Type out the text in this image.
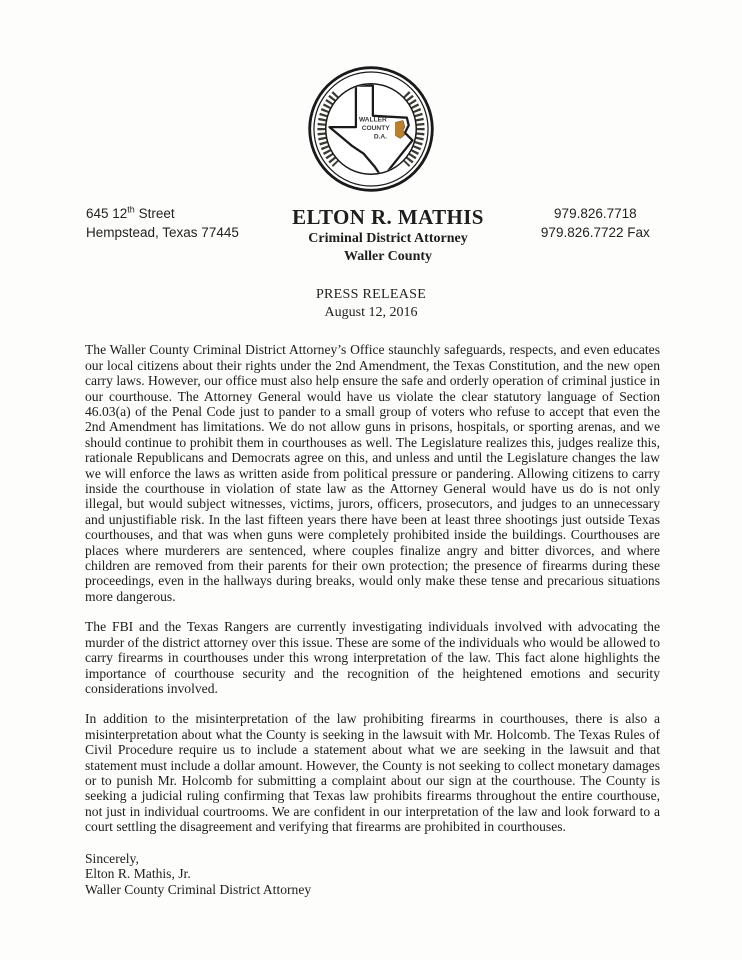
WALLER
COUNTY
D.A.
645 12th Street
Hempstead, Texas 77445
ELTON R. MATHIS
Criminal District Attorney
Waller County
979.826.7718
979.826.7722 Fax
PRESS RELEASE
August 12, 2016

The Waller County Criminal District Attorney’s Office staunchly safeguards, respects, and even educates our local citizens about their rights under the 2nd Amendment, the Texas Constitution, and the new open carry laws. However, our office must also help ensure the safe and orderly operation of criminal justice in our courthouse. The Attorney General would have us violate the clear statutory language of Section 46.03(a) of the Penal Code just to pander to a small group of voters who refuse to accept that even the 2nd Amendment has limitations. We do not allow guns in prisons, hospitals, or sporting arenas, and we should continue to prohibit them in courthouses as well. The Legislature realizes this, judges realize this, rationale Republicans and Democrats agree on this, and unless and until the Legislature changes the law we will enforce the laws as written aside from political pressure or pandering. Allowing citizens to carry inside the courthouse in violation of state law as the Attorney General would have us do is not only illegal, but would subject witnesses, victims, jurors, officers, prosecutors, and judges to an unnecessary and unjustifiable risk. In the last fifteen years there have been at least three shootings just outside Texas courthouses, and that was when guns were completely prohibited inside the buildings. Courthouses are places where murderers are sentenced, where couples finalize angry and bitter divorces, and where children are removed from their parents for their own protection; the presence of firearms during these proceedings, even in the hallways during breaks, would only make these tense and precarious situations more dangerous.

The FBI and the Texas Rangers are currently investigating individuals involved with advocating the murder of the district attorney over this issue. These are some of the individuals who would be allowed to carry firearms in courthouses under this wrong interpretation of the law. This fact alone highlights the importance of courthouse security and the recognition of the heightened emotions and security considerations involved.

In addition to the misinterpretation of the law prohibiting firearms in courthouses, there is also a misinterpretation about what the County is seeking in the lawsuit with Mr. Holcomb. The Texas Rules of Civil Procedure require us to include a statement about what we are seeking in the lawsuit and that statement must include a dollar amount. However, the County is not seeking to collect monetary damages or to punish Mr. Holcomb for submitting a complaint about our sign at the courthouse. The County is seeking a judicial ruling confirming that Texas law prohibits firearms throughout the entire courthouse, not just in individual courtrooms. We are confident in our interpretation of the law and look forward to a court settling the disagreement and verifying that firearms are prohibited in courthouses.

Sincerely,
Elton R. Mathis, Jr.
Waller County Criminal District Attorney
